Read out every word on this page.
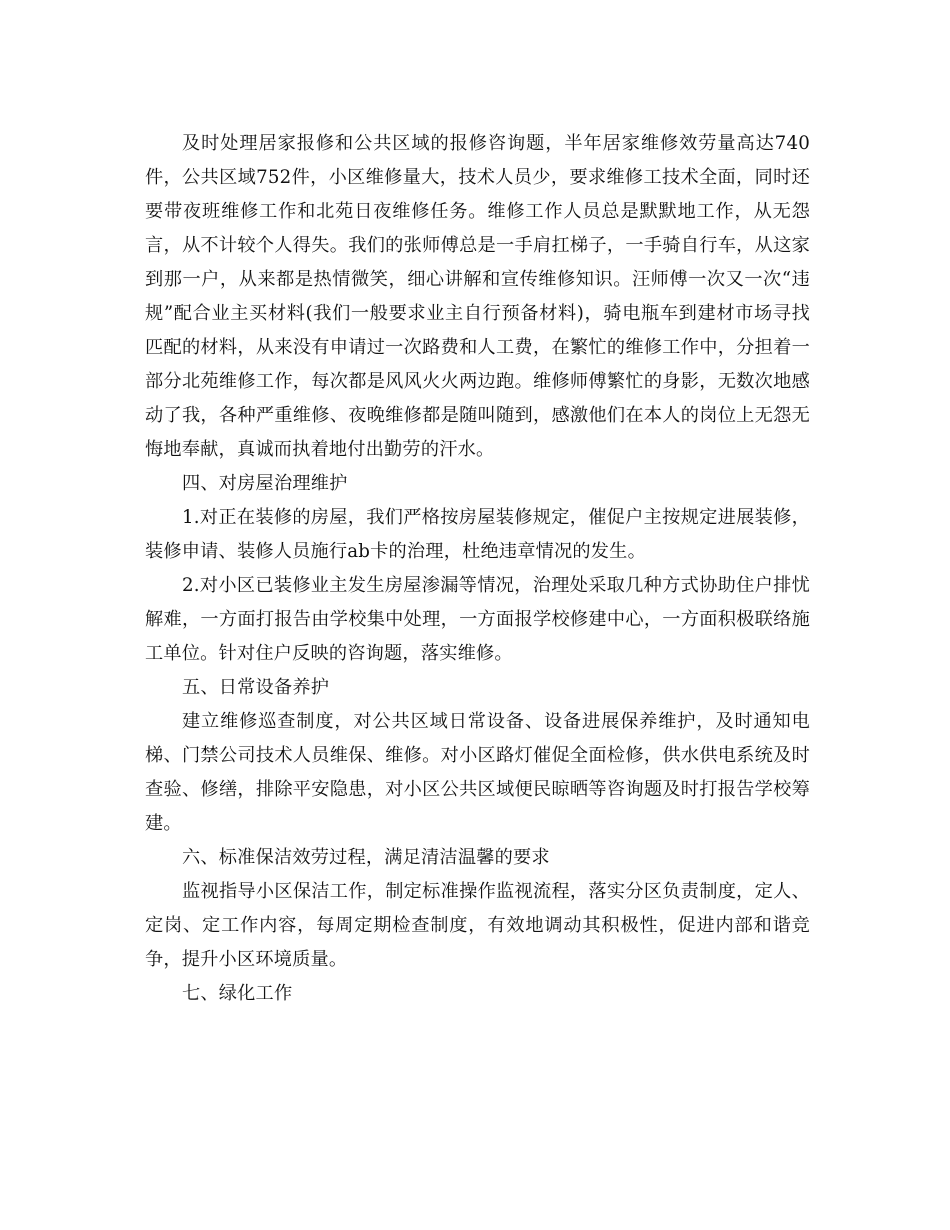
及时处理居家报修和公共区域的报修咨询题，半年居家维修效劳量高达740件，公共区域752件，小区维修量大，技术人员少，要求维修工技术全面，同时还要带夜班维修工作和北苑日夜维修任务。维修工作人员总是默默地工作，从无怨言，从不计较个人得失。我们的张师傅总是一手肩扛梯子，一手骑自行车，从这家到那一户，从来都是热情微笑，细心讲解和宣传维修知识。汪师傅一次又一次“违规”配合业主买材料(我们一般要求业主自行预备材料)，骑电瓶车到建材市场寻找匹配的材料，从来没有申请过一次路费和人工费，在繁忙的维修工作中，分担着一部分北苑维修工作，每次都是风风火火两边跑。维修师傅繁忙的身影，无数次地感动了我，各种严重维修、夜晚维修都是随叫随到，感激他们在本人的岗位上无怨无悔地奉献，真诚而执着地付出勤劳的汗水。

四、对房屋治理维护

1.对正在装修的房屋，我们严格按房屋装修规定，催促户主按规定进展装修，装修申请、装修人员施行ab卡的治理，杜绝违章情况的发生。

2.对小区已装修业主发生房屋渗漏等情况，治理处采取几种方式协助住户排忧解难，一方面打报告由学校集中处理，一方面报学校修建中心，一方面积极联络施工单位。针对住户反映的咨询题，落实维修。

五、日常设备养护

建立维修巡查制度，对公共区域日常设备、设备进展保养维护，及时通知电梯、门禁公司技术人员维保、维修。对小区路灯催促全面检修，供水供电系统及时查验、修缮，排除平安隐患，对小区公共区域便民晾晒等咨询题及时打报告学校筹建。

六、标准保洁效劳过程，满足清洁温馨的要求

监视指导小区保洁工作，制定标准操作监视流程，落实分区负责制度，定人、定岗、定工作内容，每周定期检查制度，有效地调动其积极性，促进内部和谐竞争，提升小区环境质量。

七、绿化工作
